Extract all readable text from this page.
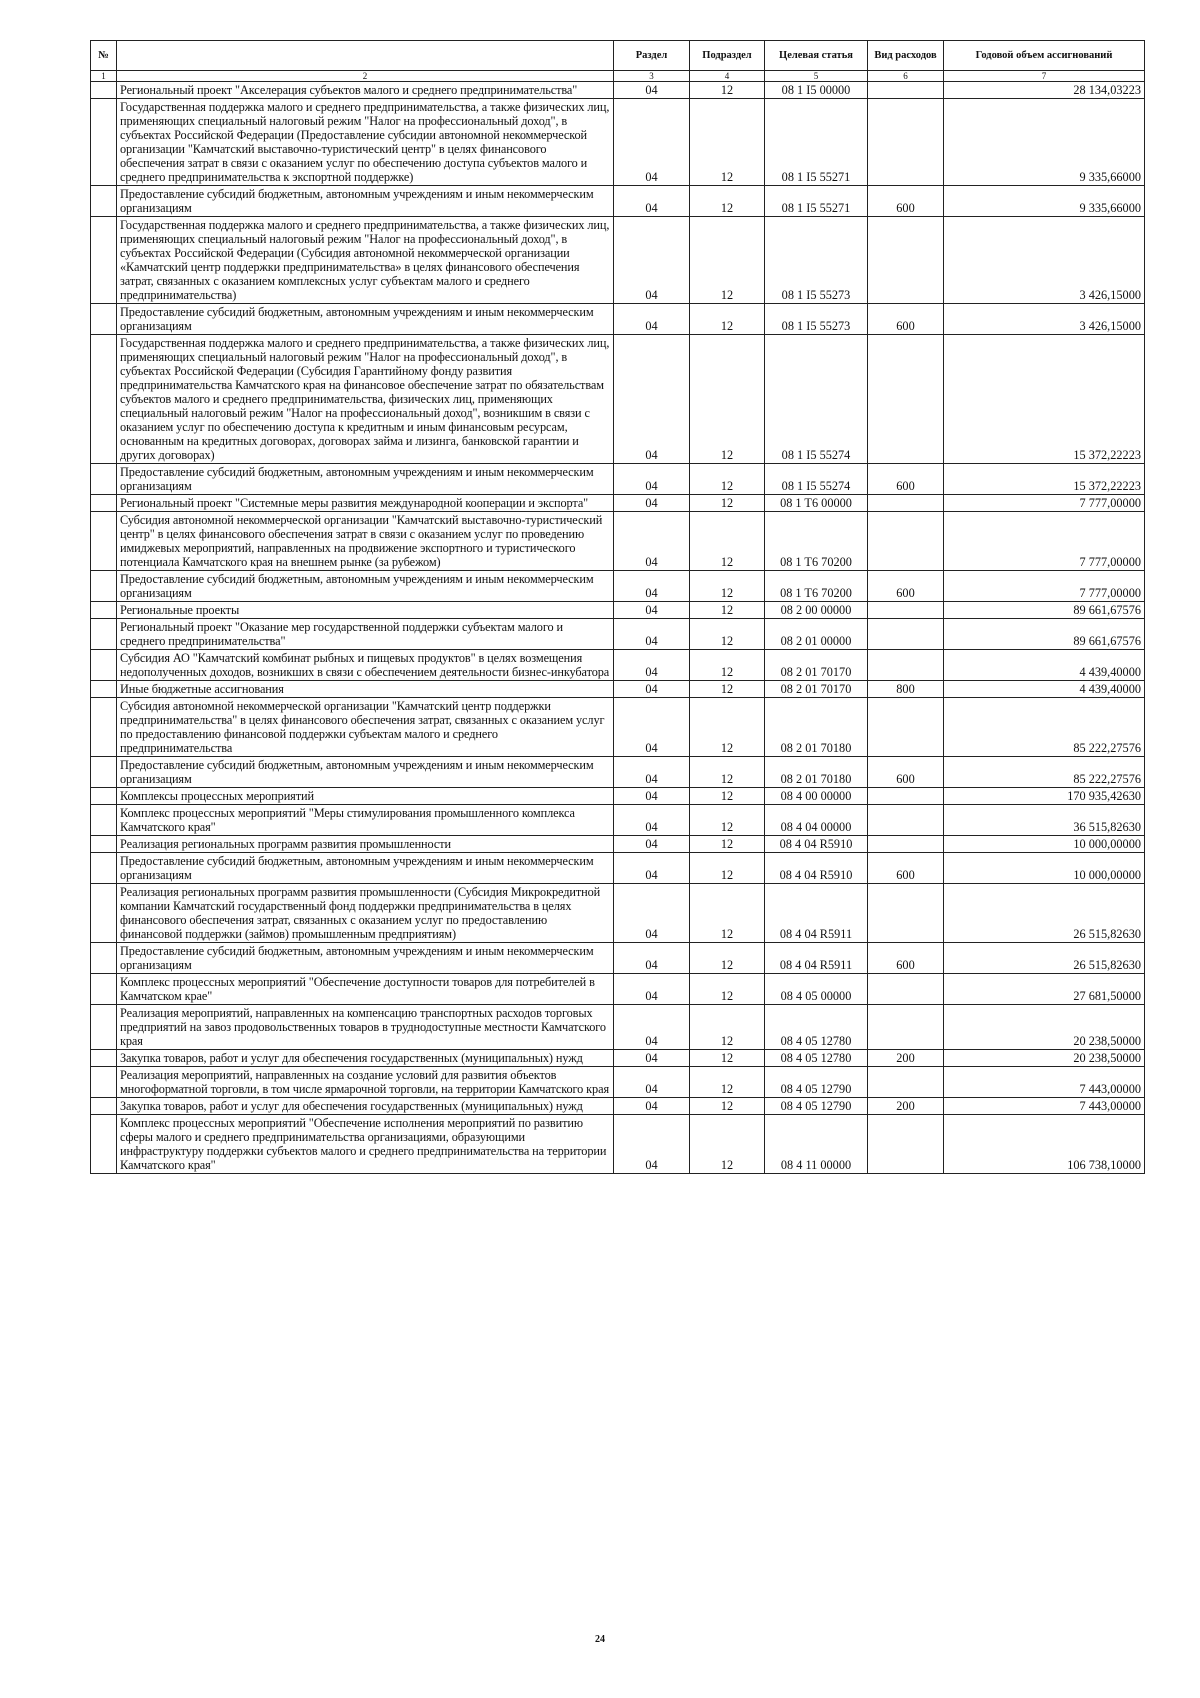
№		Раздел	Подраздел	Целевая статья	Вид расходов	Годовой объем ассигнований
1	2	3	4	5	6	7
	Региональный проект "Акселерация субъектов малого и среднего предпринимательства"	04	12	08 1 I5 00000		28 134,03223
	Государственная поддержка малого и среднего предпринимательства, а также физических лиц, применяющих специальный налоговый режим "Налог на профессиональный доход", в субъектах Российской Федерации (Предоставление субсидии автономной некоммерческой организации "Камчатский выставочно-туристический центр" в целях финансового обеспечения затрат в связи с оказанием услуг по обеспечению доступа субъектов малого и среднего предпринимательства к экспортной поддержке)	04	12	08 1 I5 55271		9 335,66000
	Предоставление субсидий бюджетным, автономным учреждениям и иным некоммерческим организациям	04	12	08 1 I5 55271	600	9 335,66000
	Государственная поддержка малого и среднего предпринимательства, а также физических лиц, применяющих специальный налоговый режим "Налог на профессиональный доход", в субъектах Российской Федерации (Субсидия автономной некоммерческой организации «Камчатский центр поддержки предпринимательства» в целях финансового обеспечения затрат, связанных с оказанием комплексных услуг субъектам малого и среднего предпринимательства)	04	12	08 1 I5 55273		3 426,15000
	Предоставление субсидий бюджетным, автономным учреждениям и иным некоммерческим организациям	04	12	08 1 I5 55273	600	3 426,15000
	Государственная поддержка малого и среднего предпринимательства, а также физических лиц, применяющих специальный налоговый режим "Налог на профессиональный доход", в субъектах Российской Федерации (Субсидия Гарантийному фонду развития предпринимательства Камчатского края на финансовое обеспечение затрат по обязательствам субъектов малого и среднего предпринимательства, физических лиц, применяющих специальный налоговый режим "Налог на профессиональный доход", возникшим в связи с оказанием услуг по обеспечению доступа к кредитным и иным финансовым ресурсам, основанным на кредитных договорах, договорах займа и лизинга, банковской гарантии и других договорах)	04	12	08 1 I5 55274		15 372,22223
	Предоставление субсидий бюджетным, автономным учреждениям и иным некоммерческим организациям	04	12	08 1 I5 55274	600	15 372,22223
	Региональный проект "Системные меры развития международной кооперации и экспорта"	04	12	08 1 T6 00000		7 777,00000
	Субсидия автономной некоммерческой организации "Камчатский выставочно-туристический центр" в целях финансового обеспечения затрат в связи с оказанием услуг по проведению имиджевых мероприятий, направленных на продвижение экспортного и туристического потенциала Камчатского края на внешнем рынке (за рубежом)	04	12	08 1 T6 70200		7 777,00000
	Предоставление субсидий бюджетным, автономным учреждениям и иным некоммерческим организациям	04	12	08 1 T6 70200	600	7 777,00000
	Региональные проекты	04	12	08 2 00 00000		89 661,67576
	Региональный проект "Оказание мер государственной поддержки субъектам малого и среднего предпринимательства"	04	12	08 2 01 00000		89 661,67576
	Субсидия АО "Камчатский комбинат рыбных и пищевых продуктов" в целях возмещения недополученных доходов, возникших в связи с обеспечением деятельности бизнес-инкубатора	04	12	08 2 01 70170		4 439,40000
	Иные бюджетные ассигнования	04	12	08 2 01 70170	800	4 439,40000
	Субсидия автономной некоммерческой организации "Камчатский центр поддержки предпринимательства" в целях финансового обеспечения затрат, связанных с оказанием услуг по предоставлению финансовой поддержки субъектам малого и среднего предпринимательства	04	12	08 2 01 70180		85 222,27576
	Предоставление субсидий бюджетным, автономным учреждениям и иным некоммерческим организациям	04	12	08 2 01 70180	600	85 222,27576
	Комплексы процессных мероприятий	04	12	08 4 00 00000		170 935,42630
	Комплекс процессных мероприятий "Меры стимулирования промышленного комплекса Камчатского края"	04	12	08 4 04 00000		36 515,82630
	Реализация региональных программ развития промышленности	04	12	08 4 04 R5910		10 000,00000
	Предоставление субсидий бюджетным, автономным учреждениям и иным некоммерческим организациям	04	12	08 4 04 R5910	600	10 000,00000
	Реализация региональных программ развития промышленности (Субсидия Микрокредитной компании Камчатский государственный фонд поддержки предпринимательства в целях финансового обеспечения затрат, связанных с оказанием услуг по предоставлению финансовой поддержки (займов) промышленным предприятиям)	04	12	08 4 04 R5911		26 515,82630
	Предоставление субсидий бюджетным, автономным учреждениям и иным некоммерческим организациям	04	12	08 4 04 R5911	600	26 515,82630
	Комплекс процессных мероприятий "Обеспечение доступности товаров для потребителей в Камчатском крае"	04	12	08 4 05 00000		27 681,50000
	Реализация мероприятий, направленных на компенсацию транспортных расходов торговых предприятий на завоз продовольственных товаров в труднодоступные местности Камчатского края	04	12	08 4 05 12780		20 238,50000
	Закупка товаров, работ и услуг для обеспечения государственных (муниципальных) нужд	04	12	08 4 05 12780	200	20 238,50000
	Реализация мероприятий, направленных на создание условий для развития объектов многоформатной торговли, в том числе ярмарочной торговли, на территории Камчатского края	04	12	08 4 05 12790		7 443,00000
	Закупка товаров, работ и услуг для обеспечения государственных (муниципальных) нужд	04	12	08 4 05 12790	200	7 443,00000
	Комплекс процессных мероприятий "Обеспечение исполнения мероприятий по развитию сферы малого и среднего предпринимательства организациями, образующими инфраструктуру поддержки субъектов малого и среднего предпринимательства на территории Камчатского края"	04	12	08 4 11 00000		106 738,10000
24
